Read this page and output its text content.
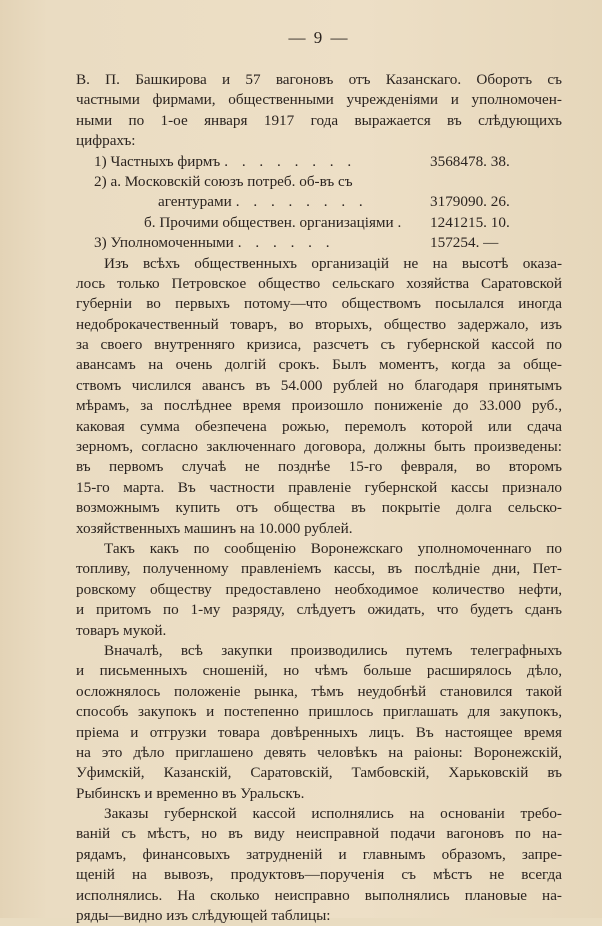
— 9 —
В. П. Башкирова и 57 вагоновъ отъ Казанскаго. Оборотъ съ
частными фирмами, общественными учрежденіями и уполномочен-
ными по 1-ое января 1917 года выражается въ слѣдующихъ
цифрахъ:
1) Частныхъ фирмъ . . . . . . . .	3568478. 38.
2) а. Московскій союзъ потреб. об-въ съ
агентурами . . . . . . . .	3179090. 26.
б. Прочими обществен. организаціями . 1241215. 10.
3) Уполномоченными . . . . . .	157254. —
Изъ всѣхъ общественныхъ организацій не на высотѣ оказа-
лось только Петровское общество сельскаго хозяйства Саратовской
губерніи во первыхъ потому—что обществомъ посылался иногда
недоброкачественный товаръ, во вторыхъ, общество задержало, изъ
за своего внутренняго кризиса, разсчетъ съ губернской кассой по
авансамъ на очень долгій срокъ. Былъ моментъ, когда за обще-
ствомъ числился авансъ въ 54.000 рублей но благодаря принятымъ
мѣрамъ, за послѣднее время произошло пониженіе до 33.000 руб.,
каковая сумма обезпечена рожью, перемолъ которой или сдача
зерномъ, согласно заключеннаго договора, должны быть произведены:
въ первомъ случаѣ не позднѣе 15-го февраля, во второмъ
15-го марта. Въ частности правленіе губернской кассы признало
возможнымъ купить отъ общества въ покрытіе долга сельско-
хозяйственныхъ машинъ на 10.000 рублей.
Такъ какъ по сообщенію Воронежскаго уполномоченнаго по
топливу, полученному правленіемъ кассы, въ послѣдніе дни, Пет-
ровскому обществу предоставлено необходимое количество нефти,
и притомъ по 1-му разряду, слѣдуетъ ожидать, что будетъ сданъ
товаръ мукой.
Вначалѣ, всѣ закупки производились путемъ телеграфныхъ
и письменныхъ сношеній, но чѣмъ больше расширялось дѣло,
осложнялось положеніе рынка, тѣмъ неудобнѣй становился такой
способъ закупокъ и постепенно пришлось приглашать для закупокъ,
пріема и отгрузки товара довѣренныхъ лицъ. Въ настоящее время
на это дѣло приглашено девять человѣкъ на раіоны: Воронежскій,
Уфимскій, Казанскій, Саратовскій, Тамбовскій, Харьковскій въ
Рыбинскъ и временно въ Уральскъ.
Заказы губернской кассой исполнялись на основаніи требо-
ваній съ мѣстъ, но въ виду неисправной подачи вагоновъ по на-
рядамъ, финансовыхъ затрудненій и главнымъ образомъ, запре-
щеній на вывозъ, продуктовъ—порученія съ мѣстъ не всегда
исполнялись. На сколько неисправно выполнялись плановые на-
ряды—видно изъ слѣдующей таблицы:
